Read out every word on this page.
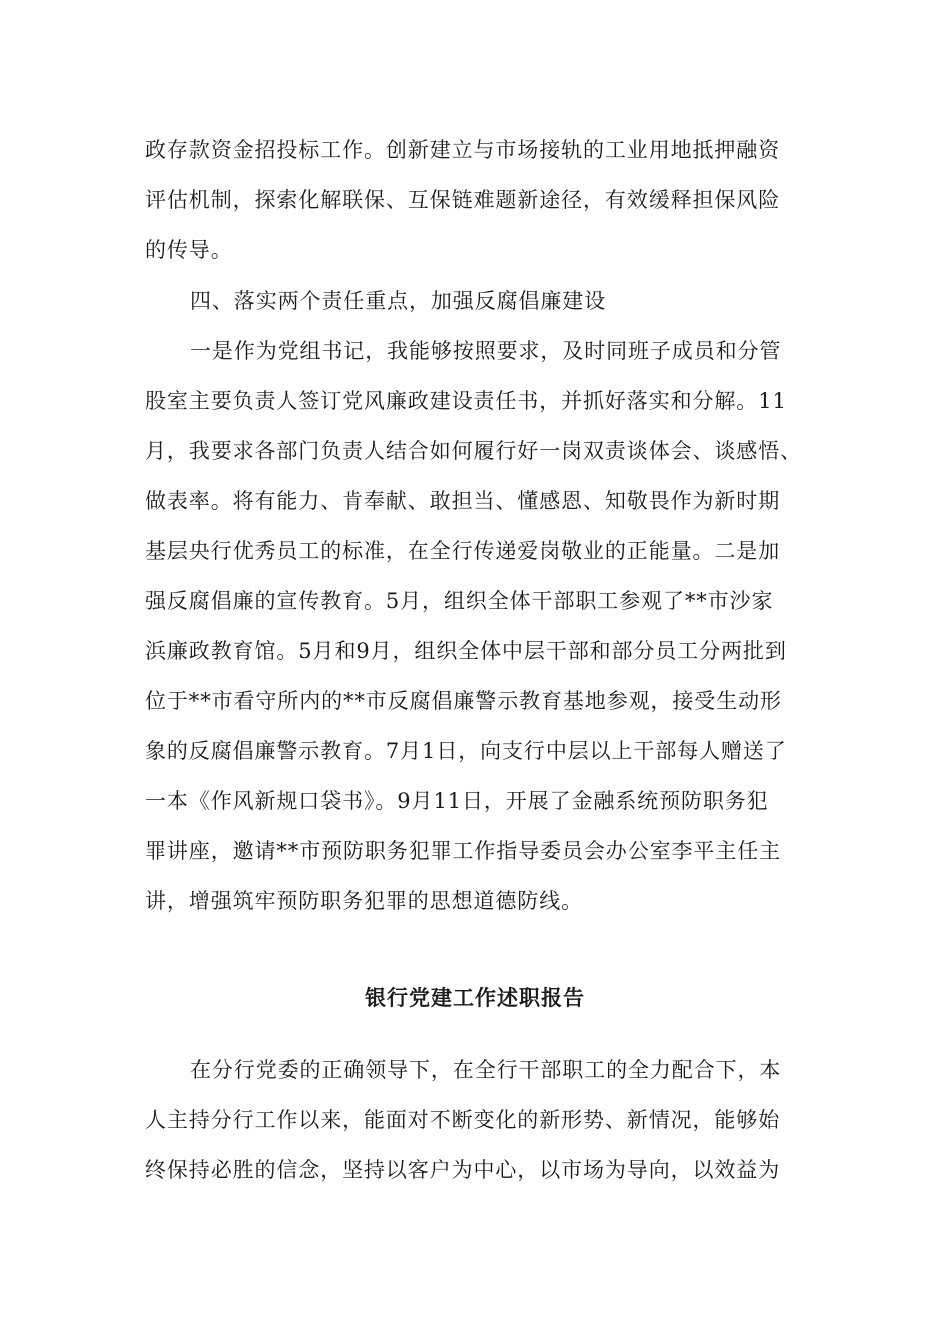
政存款资金招投标工作。创新建立与市场接轨的工业用地抵押融资
评估机制，探索化解联保、互保链难题新途径，有效缓释担保风险
的传导。
四、落实两个责任重点，加强反腐倡廉建设
一是作为党组书记，我能够按照要求，及时同班子成员和分管
股室主要负责人签订党风廉政建设责任书，并抓好落实和分解。11
月，我要求各部门负责人结合如何履行好一岗双责谈体会、谈感悟、
做表率。将有能力、肯奉献、敢担当、懂感恩、知敬畏作为新时期
基层央行优秀员工的标准，在全行传递爱岗敬业的正能量。二是加
强反腐倡廉的宣传教育。5月，组织全体干部职工参观了**市沙家
浜廉政教育馆。5月和9月，组织全体中层干部和部分员工分两批到
位于**市看守所内的**市反腐倡廉警示教育基地参观，接受生动形
象的反腐倡廉警示教育。7月1日，向支行中层以上干部每人赠送了
一本《作风新规口袋书》。9月11日，开展了金融系统预防职务犯
罪讲座，邀请**市预防职务犯罪工作指导委员会办公室李平主任主
讲，增强筑牢预防职务犯罪的思想道德防线。
银行党建工作述职报告
在分行党委的正确领导下，在全行干部职工的全力配合下，本
人主持分行工作以来，能面对不断变化的新形势、新情况，能够始
终保持必胜的信念，坚持以客户为中心，以市场为导向，以效益为
